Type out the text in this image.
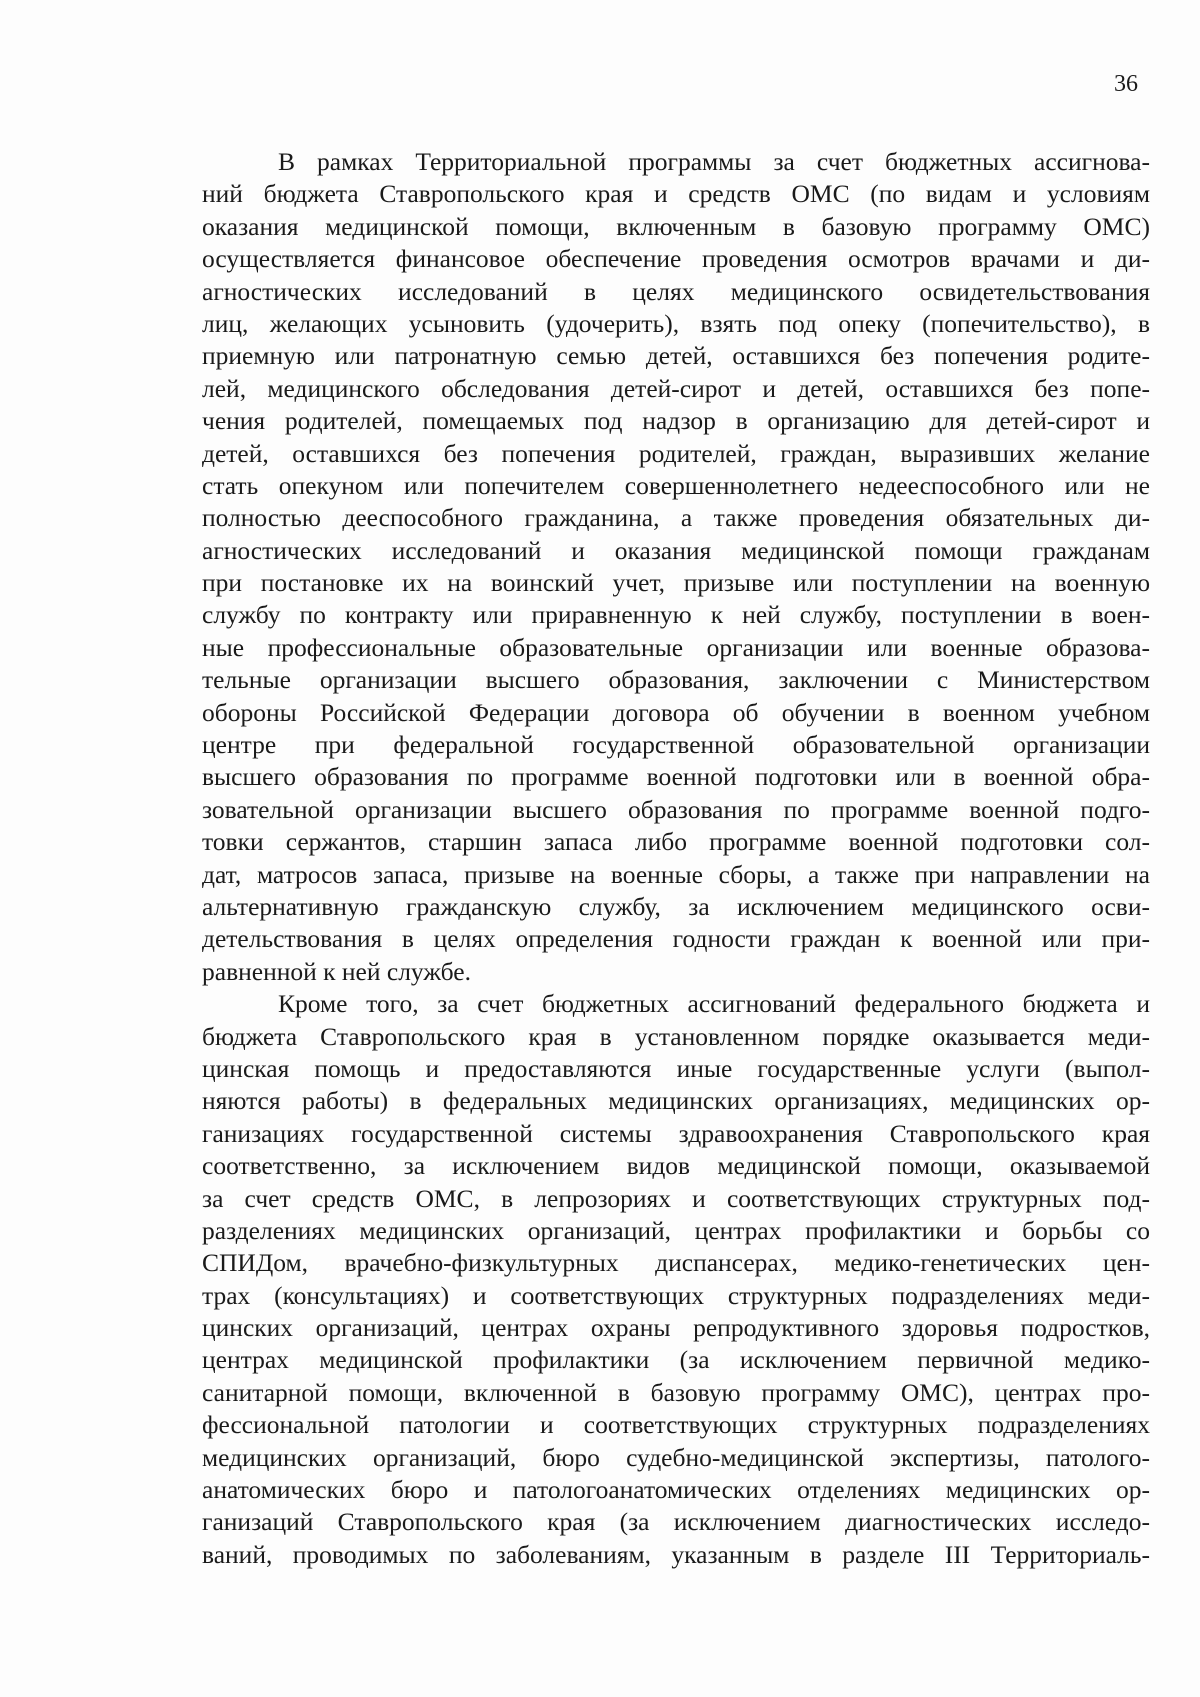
36
В рамках Территориальной программы за счет бюджетных ассигнова-
ний бюджета Ставропольского края и средств ОМС (по видам и условиям
оказания медицинской помощи, включенным в базовую программу ОМС)
осуществляется финансовое обеспечение проведения осмотров врачами и ди-
агностических исследований в целях медицинского освидетельствования
лиц, желающих усыновить (удочерить), взять под опеку (попечительство), в
приемную или патронатную семью детей, оставшихся без попечения родите-
лей, медицинского обследования детей-сирот и детей, оставшихся без попе-
чения родителей, помещаемых под надзор в организацию для детей-сирот и
детей, оставшихся без попечения родителей, граждан, выразивших желание
стать опекуном или попечителем совершеннолетнего недееспособного или не
полностью дееспособного гражданина, а также проведения обязательных ди-
агностических исследований и оказания медицинской помощи гражданам
при постановке их на воинский учет, призыве или поступлении на военную
службу по контракту или приравненную к ней службу, поступлении в воен-
ные профессиональные образовательные организации или военные образова-
тельные организации высшего образования, заключении с Министерством
обороны Российской Федерации договора об обучении в военном учебном
центре при федеральной государственной образовательной организации
высшего образования по программе военной подготовки или в военной обра-
зовательной организации высшего образования по программе военной подго-
товки сержантов, старшин запаса либо программе военной подготовки сол-
дат, матросов запаса, призыве на военные сборы, а также при направлении на
альтернативную гражданскую службу, за исключением медицинского осви-
детельствования в целях определения годности граждан к военной или при-
равненной к ней службе.
Кроме того, за счет бюджетных ассигнований федерального бюджета и
бюджета Ставропольского края в установленном порядке оказывается меди-
цинская помощь и предоставляются иные государственные услуги (выпол-
няются работы) в федеральных медицинских организациях, медицинских ор-
ганизациях государственной системы здравоохранения Ставропольского края
соответственно, за исключением видов медицинской помощи, оказываемой
за счет средств ОМС, в лепрозориях и соответствующих структурных под-
разделениях медицинских организаций, центрах профилактики и борьбы со
СПИДом, врачебно-физкультурных диспансерах, медико-генетических цен-
трах (консультациях) и соответствующих структурных подразделениях меди-
цинских организаций, центрах охраны репродуктивного здоровья подростков,
центрах медицинской профилактики (за исключением первичной медико-
санитарной помощи, включенной в базовую программу ОМС), центрах про-
фессиональной патологии и соответствующих структурных подразделениях
медицинских организаций, бюро судебно-медицинской экспертизы, патолого-
анатомических бюро и патологоанатомических отделениях медицинских ор-
ганизаций Ставропольского края (за исключением диагностических исследо-
ваний, проводимых по заболеваниям, указанным в разделе III Территориаль-
